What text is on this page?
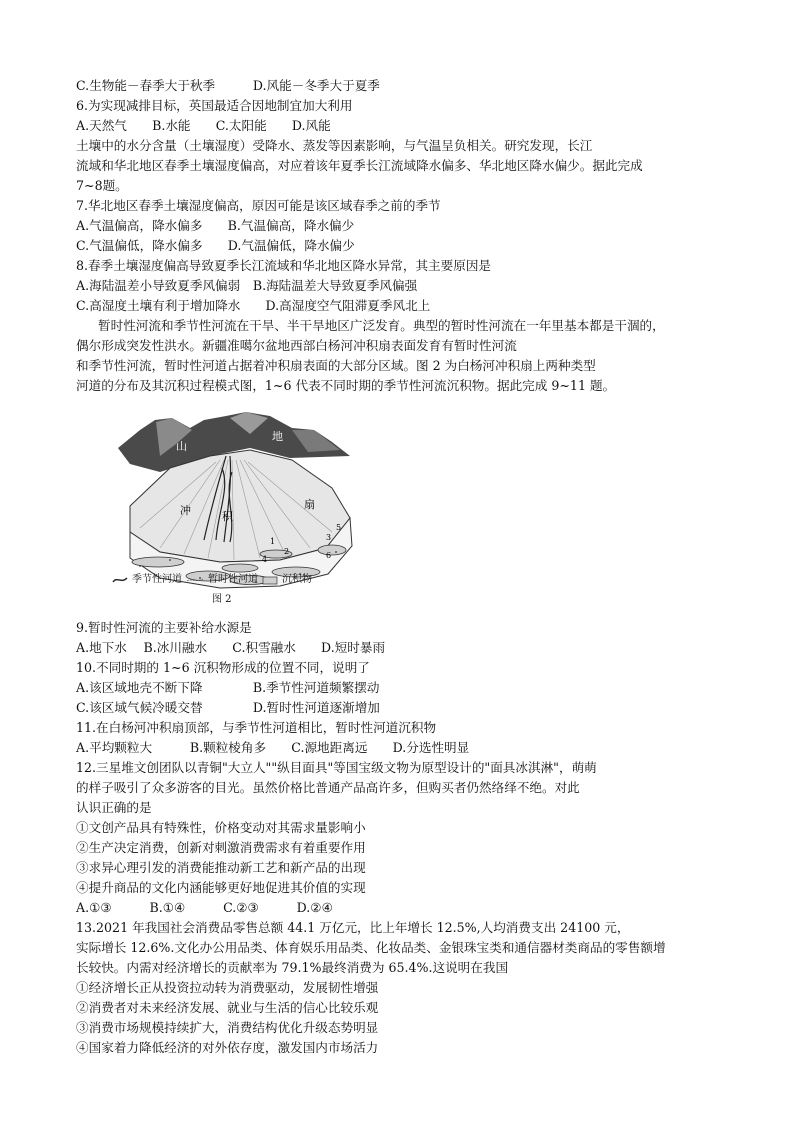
C.生物能－春季大于秋季　　　D.风能－冬季大于夏季
6.为实现减排目标，英国最适合因地制宜加大利用
A.天然气　　B.水能　　C.太阳能　　D.风能
土壤中的水分含量（土壤湿度）受降水、蒸发等因素影响，与气温呈负相关。研究发现，长江
流域和华北地区春季土壤湿度偏高，对应着该年夏季长江流域降水偏多、华北地区降水偏少。据此完成
7~8题。
7.华北地区春季土壤湿度偏高，原因可能是该区域春季之前的季节
A.气温偏高，降水偏多　　B.气温偏高，降水偏少
C.气温偏低，降水偏多　　D.气温偏低，降水偏少
8.春季土壤湿度偏高导致夏季长江流域和华北地区降水异常，其主要原因是
A.海陆温差小导致夏季风偏弱　B.海陆温差大导致夏季风偏强
C.高湿度土壤有利于增加降水　　D.高湿度空气阻滞夏季风北上
暂时性河流和季节性河流在干旱、半干旱地区广泛发育。典型的暂时性河流在一年里基本都是干涸的，
偶尔形成突发性洪水。新疆准噶尔盆地西部白杨河冲积扇表面发育有暂时性河流
和季节性河流，暂时性河道占据着冲积扇表面的大部分区域。图 2 为白杨河冲积扇上两种类型
河道的分布及其沉积过程模式图，1~6 代表不同时期的季节性河流沉积物。据此完成 9~11 题。
山
地
冲	积
扇
1
2
3
4
5
6
季节性河道	暂时性河道 沉积物
图 2
9.暂时性河流的主要补给水源是
A.地下水　 B.冰川融水　　C.积雪融水　　D.短时暴雨
10.不同时期的 1~6 沉积物形成的位置不同，说明了
A.该区域地壳不断下降　　　　B.季节性河道频繁摆动
C.该区域气候冷暖交替　　　　D.暂时性河道逐渐增加
11.在白杨河冲积扇顶部，与季节性河道相比，暂时性河道沉积物
A.平均颗粒大　　　B.颗粒棱角多　　C.源地距离远　　D.分选性明显
12.三星堆文创团队以青铜"大立人""纵目面具"等国宝级文物为原型设计的"面具冰淇淋"，萌萌
的样子吸引了众多游客的目光。虽然价格比普通产品高许多，但购买者仍然络绎不绝。对此
认识正确的是
①文创产品具有特殊性，价格变动对其需求量影响小
②生产决定消费，创新对刺激消费需求有着重要作用
③求异心理引发的消费能推动新工艺和新产品的出现
④提升商品的文化内涵能够更好地促进其价值的实现
A.①③　　　B.①④　　　C.②③　　　D.②④
13.2021 年我国社会消费品零售总额 44.1 万亿元，比上年增长 12.5%,人均消费支出 24100 元，
实际增长 12.6%.文化办公用品类、体育娱乐用品类、化妆品类、金银珠宝类和通信器材类商品的零售额增
长较快。内需对经济增长的贡献率为 79.1%最终消费为 65.4%.这说明在我国
①经济增长正从投资拉动转为消费驱动，发展韧性增强
②消费者对未来经济发展、就业与生活的信心比较乐观
③消费市场规模持续扩大，消费结构优化升级态势明显
④国家着力降低经济的对外依存度，激发国内市场活力
